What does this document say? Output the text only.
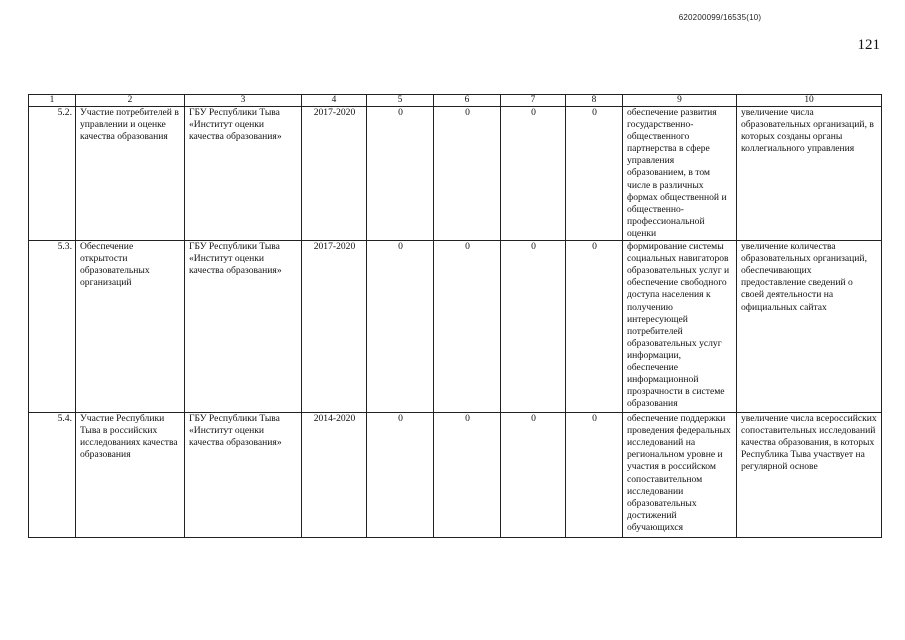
620200099/16535(10)
121
1	2	3	4	5	6	7	8	9	10
5.2.	Участие потребителей в управлении и оценке качества образования	ГБУ Республики Тыва «Институт оценки качества образования»	2017-2020	0	0	0	0	обеспечение развития государственно-общественного партнерства в сфере управления образованием, в том числе в различных формах общественной и общественно-профессиональной оценки	увеличение числа образовательных организаций, в которых созданы органы коллегиального управления
5.3.	Обеспечение открытости образовательных организаций	ГБУ Республики Тыва «Институт оценки качества образования»	2017-2020	0	0	0	0	формирование системы социальных навигаторов образовательных услуг и обеспечение свободного доступа населения к получению интересующей потребителей образовательных услуг информации, обеспечение информационной прозрачности в системе образования	увеличение количества образовательных организаций, обеспечивающих предоставление сведений о своей деятельности на официальных сайтах
5.4.	Участие Республики Тыва в российских исследованиях качества образования	ГБУ Республики Тыва «Институт оценки качества образования»	2014-2020	0	0	0	0	обеспечение поддержки проведения федеральных исследований на региональном уровне и участия в российском сопоставительном исследовании образовательных достижений обучающихся	увеличение числа всероссийских сопоставительных исследований качества образования, в которых Республика Тыва участвует на регулярной основе
